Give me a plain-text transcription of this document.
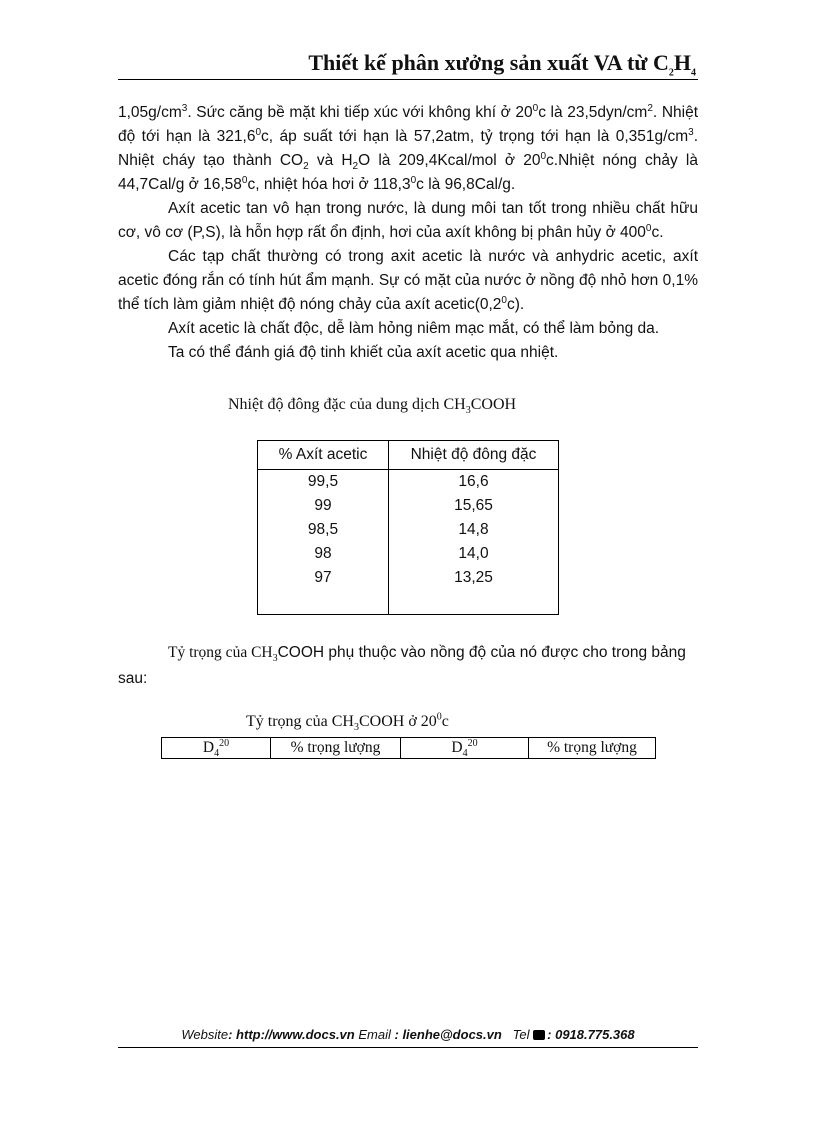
Thiết kế phân xưởng sản xuất VA từ $C_2H_4$
$1,05g/cm^3$. Sức căng bề mặt khi tiếp xúc với không khí ở $20^0c$ là $23,5dyn/cm^2$. Nhiệt độ tới hạn là 321,6$^0$c, áp suất tới hạn là 57,2atm, tỷ trọng tới hạn là $0,351g/cm^3$. Nhiệt cháy tạo thành $CO_2$ và $H_2O$ là 209,4Kcal/mol ở $20^0c.Nhiệt$ nóng chảy là 44,7Cal/g ở 16,58$^0$c, nhiệt hóa hơi ở 118,3$^0$c là 96,8Cal/g.
Axít acetic tan vô hạn trong nước, là dung môi tan tốt trong nhiều chất hữu cơ, vô cơ (P,S), là hỗn hợp rất ổn định, hơi của axít không bị phân hủy ở $400^0c$.
Các tạp chất thường có trong axit acetic là nước và anhydric acetic, axít acetic đóng rắn có tính hút ẩm mạnh. Sự có mặt của nước ở nồng độ nhỏ hơn 0,1% thể tích làm giảm nhiệt độ nóng chảy của axít $acetic(0,2^0c)$.
Axít acetic là chất độc, dễ làm hỏng niêm mạc mắt, có thể làm bỏng da.
Ta có thể đánh giá độ tinh khiết của axít acetic qua nhiệt.
Nhiệt độ đông đặc của dung dịch $CH_3COOH$
% Axít acetic	Nhiệt độ đông đặc
99,5	16,6
99	15,65
98,5	14,8
98	14,0
97	13,25

Tỷ trọng của $CH_3COOH$ phụ thuộc vào nồng độ của nó được cho trong bảng sau:
Tỷ trọng của $CH_3COOH$ ở $20^0c$
$D_4^{20}$	% trọng lượng	$D_4^{20}$	% trọng lượng
Website: http://www.docs.vn Email : lienhe@docs.vn Tel : 0918.775.368
